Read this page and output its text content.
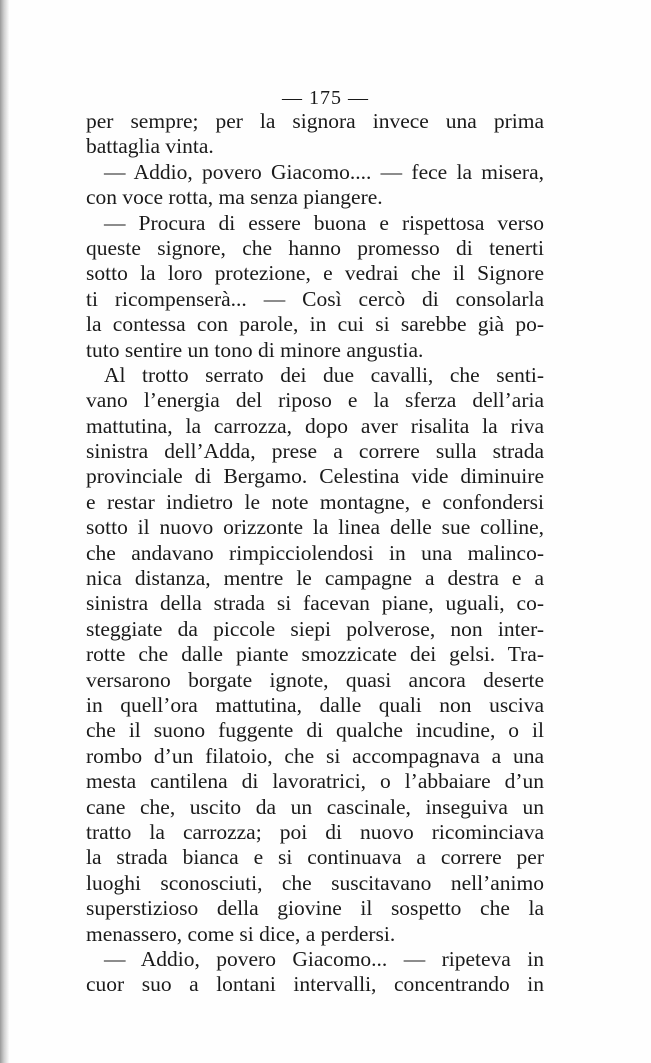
— 175 —
per sempre; per la signora invece una prima
battaglia vinta.
— Addio, povero Giacomo.... — fece la misera,
con voce rotta, ma senza piangere.
— Procura di essere buona e rispettosa verso
queste signore, che hanno promesso di tenerti
sotto la loro protezione, e vedrai che il Signore
ti ricompenserà... — Così cercò di consolarla
la contessa con parole, in cui si sarebbe già po-
tuto sentire un tono di minore angustia.
Al trotto serrato dei due cavalli, che senti-
vano l’energia del riposo e la sferza dell’aria
mattutina, la carrozza, dopo aver risalita la riva
sinistra dell’Adda, prese a correre sulla strada
provinciale di Bergamo. Celestina vide diminuire
e restar indietro le note montagne, e confondersi
sotto il nuovo orizzonte la linea delle sue colline,
che andavano rimpicciolendosi in una malinco-
nica distanza, mentre le campagne a destra e a
sinistra della strada si facevan piane, uguali, co-
steggiate da piccole siepi polverose, non inter-
rotte che dalle piante smozzicate dei gelsi. Tra-
versarono borgate ignote, quasi ancora deserte
in quell’ora mattutina, dalle quali non usciva
che il suono fuggente di qualche incudine, o il
rombo d’un filatoio, che si accompagnava a una
mesta cantilena di lavoratrici, o l’abbaiare d’un
cane che, uscito da un cascinale, inseguiva un
tratto la carrozza; poi di nuovo ricominciava
la strada bianca e si continuava a correre per
luoghi sconosciuti, che suscitavano nell’animo
superstizioso della giovine il sospetto che la
menassero, come si dice, a perdersi.
— Addio, povero Giacomo... — ripeteva in
cuor suo a lontani intervalli, concentrando in
